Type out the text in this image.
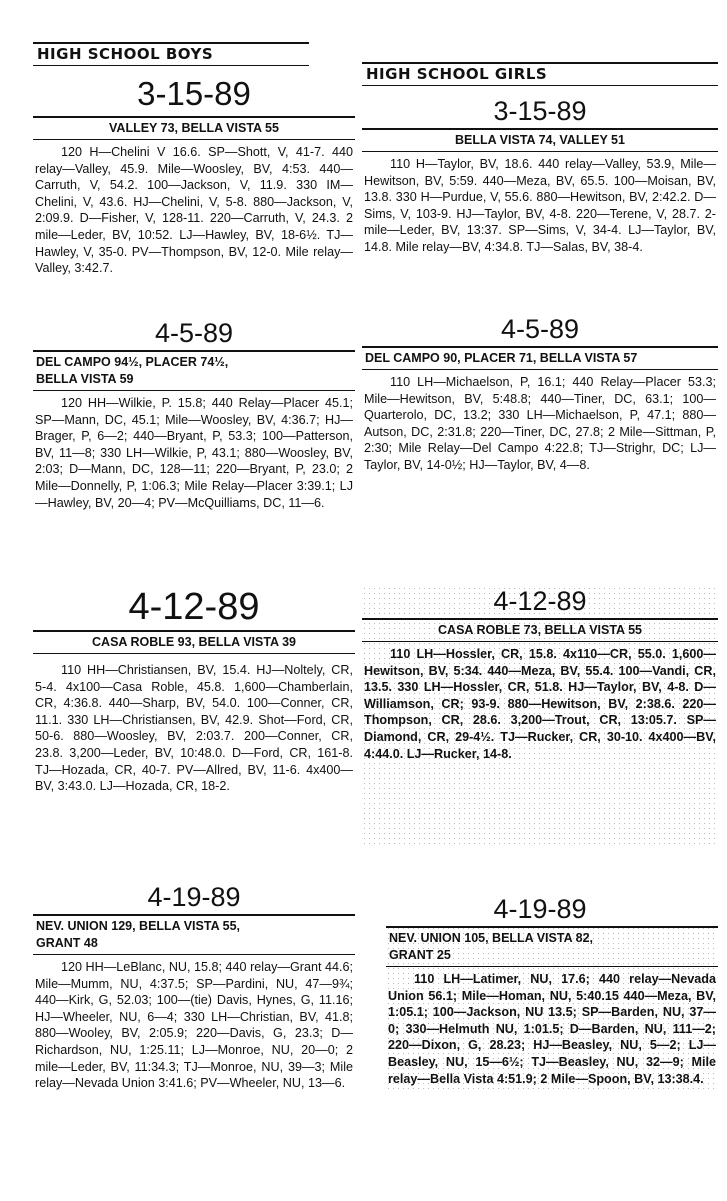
HIGH SCHOOL BOYS
3-15-89
VALLEY 73, BELLA VISTA 55
120 H—Chelini V 16.6. SP—Shott, V, 41-7. 440 relay—Valley, 45.9. Mile—Woosley, BV, 4:53. 440—Carruth, V, 54.2. 100—Jackson, V, 11.9. 330 IM—Chelini, V, 43.6. HJ—Chelini, V, 5-8. 880—Jackson, V, 2:09.9. D—Fisher, V, 128-11. 220—Carruth, V, 24.3. 2 mile—Leder, BV, 10:52. LJ—Hawley, BV, 18-6½. TJ—Hawley, V, 35-0. PV—Thompson, BV, 12-0. Mile relay—Valley, 3:42.7.
4-5-89
DEL CAMPO 94½, PLACER 74½,
BELLA VISTA 59
120 HH—Wilkie, P. 15.8; 440 Relay—Placer 45.1; SP—Mann, DC, 45.1; Mile—Woosley, BV, 4:36.7; HJ—Brager, P, 6—2; 440—Bryant, P, 53.3; 100—Patterson, BV, 11—8; 330 LH—Wilkie, P, 43.1; 880—Woosley, BV, 2:03; D—Mann, DC, 128—11; 220—Bryant, P, 23.0; 2 Mile—Donnelly, P, 1:06.3; Mile Relay—Placer 3:39.1; LJ—Hawley, BV, 20—4; PV—McQuilliams, DC, 11—6.
4-12-89
CASA ROBLE 93, BELLA VISTA 39
110 HH—Christiansen, BV, 15.4. HJ—Noltely, CR, 5-4. 4x100—Casa Roble, 45.8. 1,600—Chamberlain, CR, 4:36.8. 440—Sharp, BV, 54.0. 100—Conner, CR, 11.1. 330 LH—Christiansen, BV, 42.9. Shot—Ford, CR, 50-6. 880—Woosley, BV, 2:03.7. 200—Conner, CR, 23.8. 3,200—Leder, BV, 10:48.0. D—Ford, CR, 161-8. TJ—Hozada, CR, 40-7. PV—Allred, BV, 11-6. 4x400—BV, 3:43.0. LJ—Hozada, CR, 18-2.
4-19-89
NEV. UNION 129, BELLA VISTA 55,
GRANT 48
120 HH—LeBlanc, NU, 15.8; 440 relay—Grant 44.6; Mile—Mumm, NU, 4:37.5; SP—Pardini, NU, 47—9¾; 440—Kirk, G, 52.03; 100—(tie) Davis, Hynes, G, 11.16; HJ—Wheeler, NU, 6—4; 330 LH—Christian, BV, 41.8; 880—Wooley, BV, 2:05.9; 220—Davis, G, 23.3; D—Richardson, NU, 1:25.11; LJ—Monroe, NU, 20—0; 2 mile—Leder, BV, 11:34.3; TJ—Monroe, NU, 39—3; Mile relay—Nevada Union 3:41.6; PV—Wheeler, NU, 13—6.
HIGH SCHOOL GIRLS
3-15-89
BELLA VISTA 74, VALLEY 51
110 H—Taylor, BV, 18.6. 440 relay—Valley, 53.9, Mile—Hewitson, BV, 5:59. 440—Meza, BV, 65.5. 100—Moisan, BV, 13.8. 330 H—Purdue, V, 55.6. 880—Hewitson, BV, 2:42.2. D—Sims, V, 103-9. HJ—Taylor, BV, 4-8. 220—Terene, V, 28.7. 2-mile—Leder, BV, 13:37. SP—Sims, V, 34-4. LJ—Taylor, BV, 14.8. Mile relay—BV, 4:34.8. TJ—Salas, BV, 38-4.
4-5-89
DEL CAMPO 90, PLACER 71, BELLA VISTA 57
110 LH—Michaelson, P, 16.1; 440 Relay—Placer 53.3; Mile—Hewitson, BV, 5:48.8; 440—Tiner, DC, 63.1; 100—Quarterolo, DC, 13.2; 330 LH—Michaelson, P, 47.1; 880—Autson, DC, 2:31.8; 220—Tiner, DC, 27.8; 2 Mile—Sittman, P, 2:30; Mile Relay—Del Campo 4:22.8; TJ—Strighr, DC; LJ—Taylor, BV, 14-0½; HJ—Taylor, BV, 4—8.
4-12-89
CASA ROBLE 73, BELLA VISTA 55
110 LH—Hossler, CR, 15.8. 4x110—CR, 55.0. 1,600—Hewitson, BV, 5:34. 440—Meza, BV, 55.4. 100—Vandi, CR, 13.5. 330 LH—Hossler, CR, 51.8. HJ—Taylor, BV, 4-8. D—Williamson, CR; 93-9. 880—Hewitson, BV, 2:38.6. 220—Thompson, CR, 28.6. 3,200—Trout, CR, 13:05.7. SP—Diamond, CR, 29-4½. TJ—Rucker, CR, 30-10. 4x400—BV, 4:44.0. LJ—Rucker, 14-8.
4-19-89
NEV. UNION 105, BELLA VISTA 82,
GRANT 25
110 LH—Latimer, NU, 17.6; 440 relay—Nevada Union 56.1; Mile—Homan, NU, 5:40.15 440—Meza, BV, 1:05.1; 100—Jackson, NU 13.5; SP—Barden, NU, 37—0; 330—Helmuth NU, 1:01.5; D—Barden, NU, 111—2; 220—Dixon, G, 28.23; HJ—Beasley, NU, 5—2; LJ—Beasley, NU, 15—6½; TJ—Beasley, NU, 32—9; Mile relay—Bella Vista 4:51.9; 2 Mile—Spoon, BV, 13:38.4.
